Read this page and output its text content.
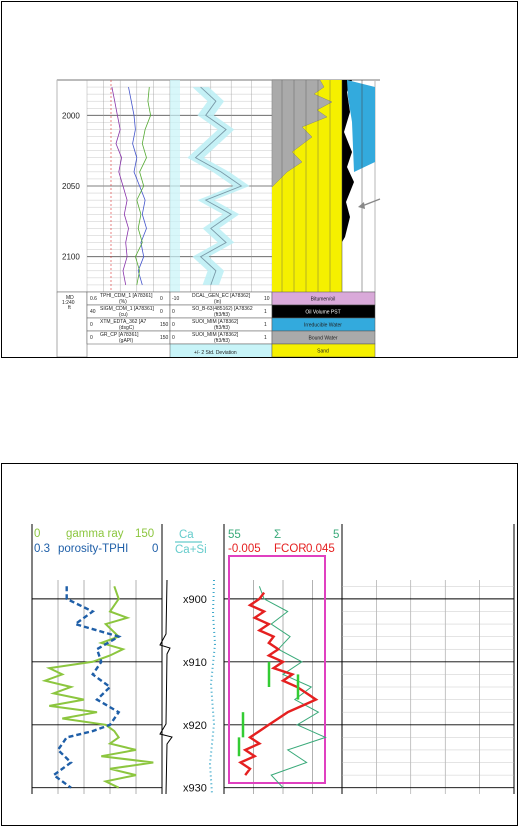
2000
2050
2100
MD
1:240
ft
TPHI_CDM_1 [A78361]
(%)
0.6	0
SIGM_CDM_1 [A78361]
(cu)
40	0
XTM_EDTA_362 [A7
(dsgC)
0	150
GR_CP [A78361]
(gAPI)
0	150
DCAL_GEN_EC [A78362]
(in)
-10	10
SO_B-63(485162) [A78362
(ft3/ft3)
0	1
SUOI_MIM [A78362]
(ft3/ft3)
0	1
SUOI_MIM [A78362]
(ft3/ft3)
0	1
+/- 2 Std. Deviation
Bitumen/oil
Oil Volume PST
Irreducible Water
Bound Water
Sand
x900
x910
x920
x930
0 gamma ray 150
0.3 porosity-TPHI 0
Ca
Ca+Si
55	Σ	5
-0.005 FCOR 0.045
